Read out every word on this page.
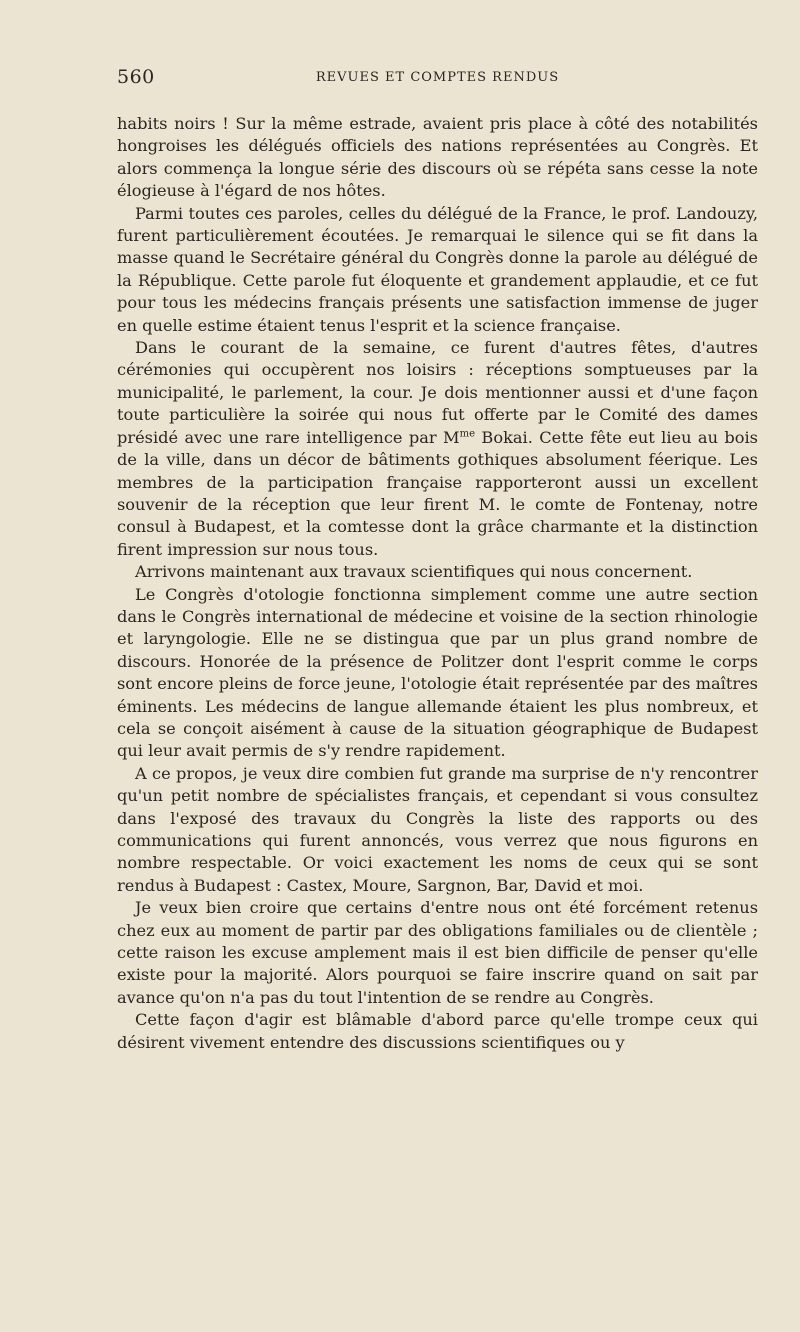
560	REVUES ET COMPTES RENDUS

habits noirs ! Sur la même estrade, avaient pris place à côté des notabilités hongroises les délégués officiels des nations représentées au Congrès. Et alors commença la longue série des discours où se répéta sans cesse la note élogieuse à l'égard de nos hôtes.

Parmi toutes ces paroles, celles du délégué de la France, le prof. Landouzy, furent particulièrement écoutées. Je remarquai le silence qui se fit dans la masse quand le Secrétaire général du Congrès donne la parole au délégué de la République. Cette parole fut éloquente et grandement applaudie, et ce fut pour tous les médecins français présents une satisfaction immense de juger en quelle estime étaient tenus l'esprit et la science française.

Dans le courant de la semaine, ce furent d'autres fêtes, d'autres cérémonies qui occupèrent nos loisirs : réceptions somptueuses par la municipalité, le parlement, la cour. Je dois mentionner aussi et d'une façon toute particulière la soirée qui nous fut offerte par le Comité des dames présidé avec une rare intelligence par $M^{me}$ Bokai. Cette fête eut lieu au bois de la ville, dans un décor de bâtiments gothiques absolument féerique. Les membres de la participation française rapporteront aussi un excellent souvenir de la réception que leur firent M. le comte de Fontenay, notre consul à Budapest, et la comtesse dont la grâce charmante et la distinction firent impression sur nous tous.

Arrivons maintenant aux travaux scientifiques qui nous concernent.

Le Congrès d'otologie fonctionna simplement comme une autre section dans le Congrès international de médecine et voisine de la section rhinologie et laryngologie. Elle ne se distingua que par un plus grand nombre de discours. Honorée de la présence de Politzer dont l'esprit comme le corps sont encore pleins de force jeune, l'otologie était représentée par des maîtres éminents. Les médecins de langue allemande étaient les plus nombreux, et cela se conçoit aisément à cause de la situation géographique de Budapest qui leur avait permis de s'y rendre rapidement.

A ce propos, je veux dire combien fut grande ma surprise de n'y rencontrer qu'un petit nombre de spécialistes français, et cependant si vous consultez dans l'exposé des travaux du Congrès la liste des rapports ou des communications qui furent annoncés, vous verrez que nous figurons en nombre respectable. Or voici exactement les noms de ceux qui se sont rendus à Budapest : Castex, Moure, Sargnon, Bar, David et moi.

Je veux bien croire que certains d'entre nous ont été forcément retenus chez eux au moment de partir par des obligations familiales ou de clientèle ; cette raison les excuse amplement mais il est bien difficile de penser qu'elle existe pour la majorité. Alors pourquoi se faire inscrire quand on sait par avance qu'on n'a pas du tout l'intention de se rendre au Congrès.

Cette façon d'agir est blâmable d'abord parce qu'elle trompe ceux qui désirent vivement entendre des discussions scientifiques ou y
